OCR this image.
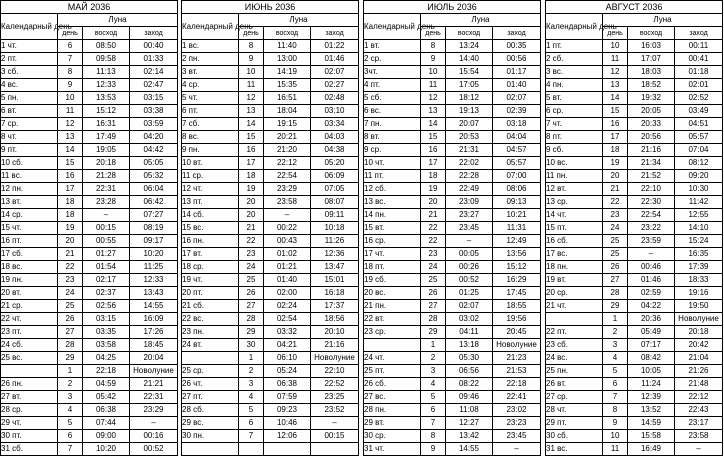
МАЙ 2036			
Календарный день	Луна		
	день	восход	заход
1 чт.	6	08:50	00:40
2 пт.	7	09:58	01:33
3 сб.	8	11:13	02:14
4 вс.	9	12:33	02:47
5 пн.	10	13:53	03:15
6 вт.	11	15:12	03:38
7 ср.	12	16:31	03:59
8 чт.	13	17:49	04:20
9 пт.	14	19:05	04:42
10 сб.	15	20:18	05:05
11 вс.	16	21:28	05:32
12 пн.	17	22:31	06:04
13 вт.	18	23:28	06:42
14 ср.	18	–	07:27
15 чт.	19	00:15	08:19
16 пт.	20	00:55	09:17
17 сб.	21	01:27	10:20
18 вс.	22	01:54	11:25
19 пн.	23	02:17	12:33
20 вт.	24	02:37	13:43
21 ср.	25	02:56	14:55
22 чт.	26	03:15	16:09
23 пт.	27	03:35	17:26
24 сб.	28	03:58	18:45
25 вс.	29	04:25	20:04
	1	22:18	Новолуние
26 пн.	2	04:59	21:21
27 вт.	3	05:42	22:31
28 ср.	4	06:38	23:29
29 чт.	5	07:44	–
30 пт.	6	09:00	00:16
31 сб.	7	10:20	00:52
ИЮНЬ 2036			
Календарный день	Луна		
	день	восход	заход
1 вс.	8	11:40	01:22
2 пн.	9	13:00	01:46
3 вт.	10	14:19	02:07
4 ср.	11	15:35	02:27
5 чт.	12	16:51	02:48
6 пт.	13	18:04	03:10
7 сб.	14	19:15	03:34
8 вс.	15	20:21	04:03
9 пн.	16	21:20	04:38
10 вт.	17	22:12	05:20
11 ср.	18	22:54	06:09
12 чт.	19	23:29	07:05
13 пт.	20	23:58	08:07
14 сб.	20	–	09:11
15 вс.	21	00:22	10:18
16 пн.	22	00:43	11:26
17 вт.	23	01:02	12:36
18 ср.	24	01:21	13:47
19 чт.	25	01:40	15:01
20 пт.	26	02:00	16:18
21 сб.	27	02:24	17:37
22 вс.	28	02:54	18:56
23 пн.	29	03:32	20:10
24 вт.	30	04:21	21:16
	1	06:10	Новолуние
25 ср.	2	05:24	22:10
26 чт.	3	06:38	22:52
27 пт.	4	07:59	23:25
28 сб.	5	09:23	23:52
29 вс.	6	10:46	–
30 пн.	7	12:06	00:15

ИЮЛЬ 2036			
Календарный день	Луна		
	день	восход	заход
1 вт.	8	13:24	00:35
2 ср.	9	14:40	00:56
3чт.	10	15:54	01:17
4 пт.	11	17:05	01:40
5 сб.	12	18:12	02:07
6 вс.	13	19:13	02:39
7 пн.	14	20:07	03:18
8 вт.	15	20:53	04:04
9 ср.	16	21:31	04:57
10 чт.	17	22:02	05:57
11 пт.	18	22:28	07:00
12 сб.	19	22:49	08:06
13 вс.	20	23:09	09:13
14 пн.	21	23:27	10:21
15 вт.	22	23:45	11:31
16 ср.	22	–	12:49
17 чт.	23	00:05	13:56
18 пт.	24	00:26	15:12
19 сб.	25	00:52	16:29
20 вс.	26	01:25	17:45
21 пн.	27	02:07	18:55
22 вт.	28	03:02	19:56
23 ср.	29	04:11	20:45
	1	13:18	Новолуние
24 чт.	2	05:30	21:23
25 пт.	3	06:56	21:53
26 сб.	4	08:22	22:18
27 вс.	5	09:46	22:41
28 пн.	6	11:08	23:02
29 вт.	7	12:27	23:23
30 ср.	8	13:42	23:45
31 чт.	9	14:55	–
АВГУСТ 2036			
Календарный день	Луна		
	день	восход	заход
1 пт.	10	16:03	00:11
2 сб.	11	17:07	00:41
3 вс.	12	18:03	01:18
4 пн.	13	18:52	02:01
5 вт.	14	19:32	02:52
6 ср.	15	20:05	03:49
7 чт.	16	20:33	04:51
8 пт.	17	20:56	05:57
9 сб.	18	21:16	07:04
10 вс.	19	21:34	08:12
11 пн.	20	21:52	09:20
12 вт.	21	22:10	10:30
13 ср.	22	22:30	11:42
14 чт.	23	22:54	12:55
15 пт.	24	23:22	14:10
16 сб.	25	23:59	15:24
17 вс.	25	–	16:35
18 пн.	26	00:46	17:39
19 вт.	27	01:46	18:33
20 ср.	28	02:59	19:16
21 чт.	29	04:22	19:50
	1	20:36	Новолуние
22 пт.	2	05:49	20:18
23 сб.	3	07:17	20:42
24 вс.	4	08:42	21:04
25 пн.	5	10:05	21:26
26 вт.	6	11:24	21:48
27 ср.	7	12:39	22:12
28 чт.	8	13:52	22:43
29 пт.	9	14:59	23:17
30 сб.	10	15:58	23:58
31 вс.	11	16:49	–
